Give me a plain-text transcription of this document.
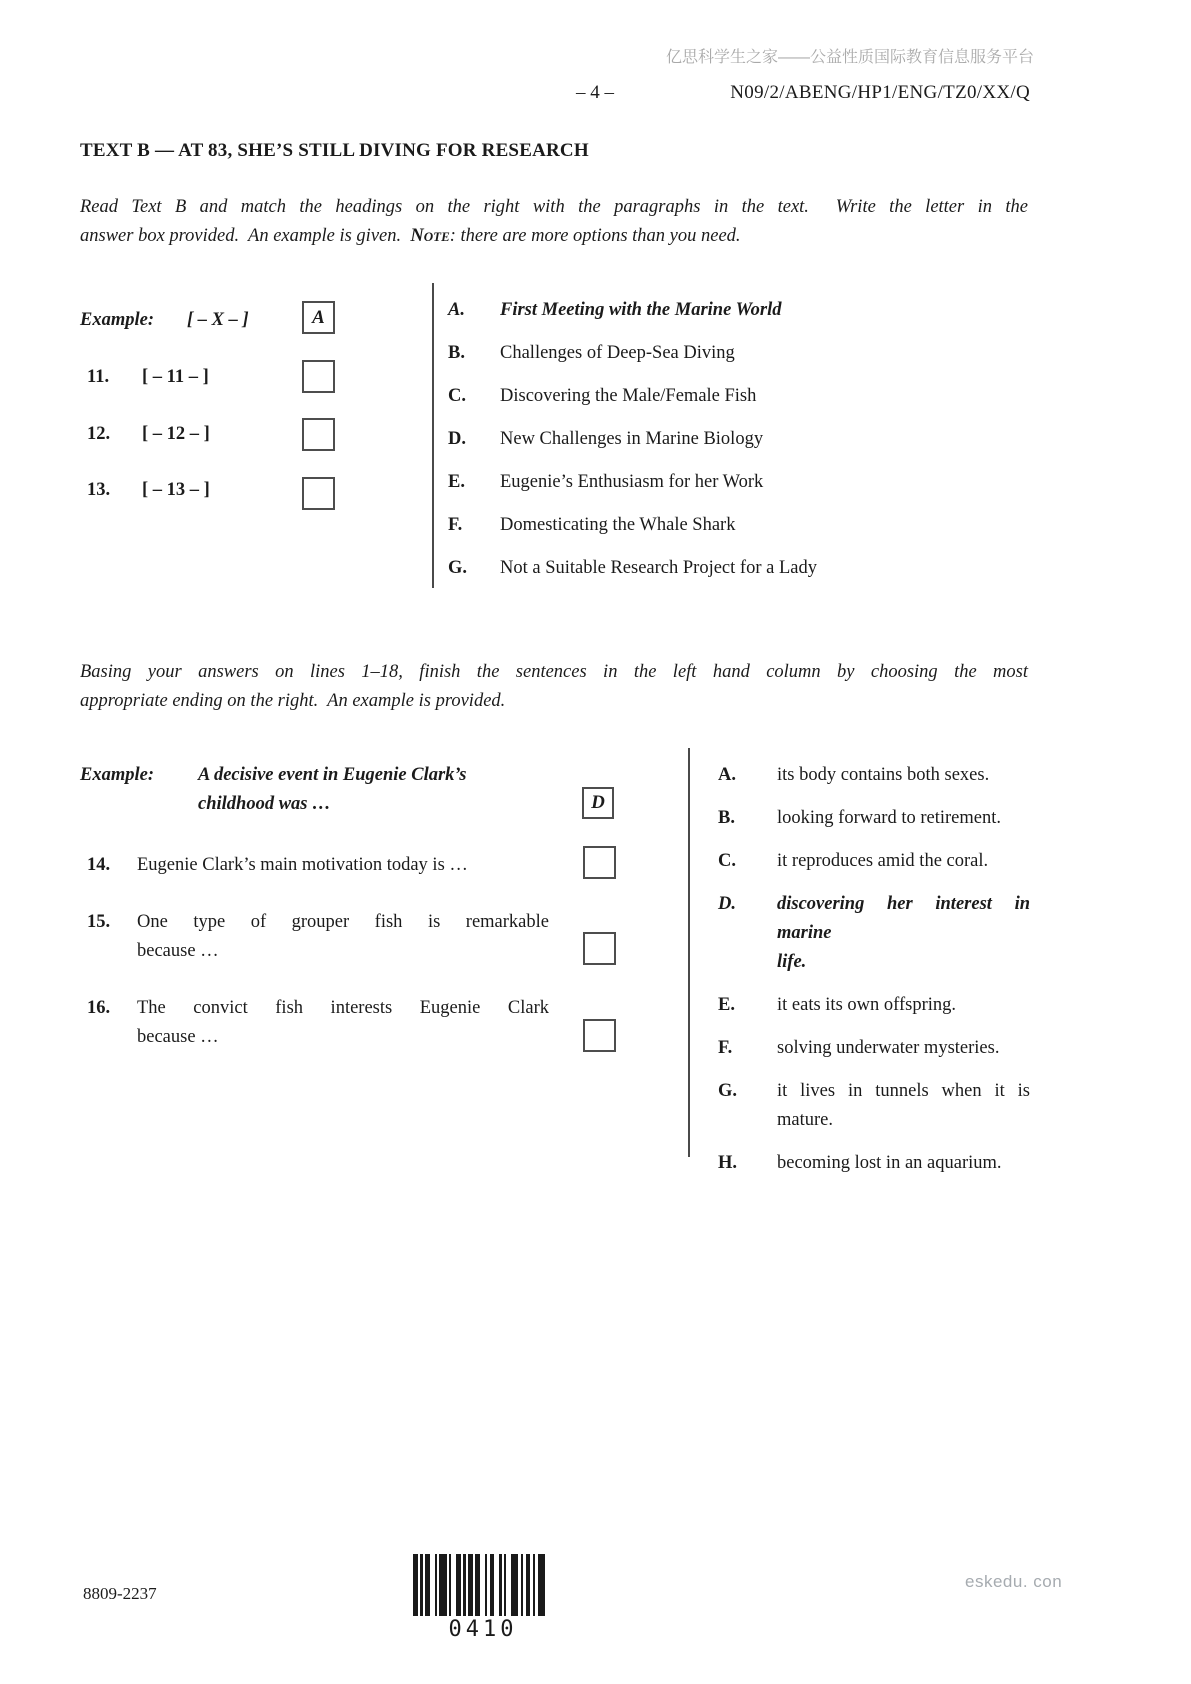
亿思科学生之家——公益性质国际教育信息服务平台
– 4 –	N09/2/ABENG/HP1/ENG/TZ0/XX/Q
TEXT B — AT 83, SHE’S STILL DIVING FOR RESEARCH
Read Text B and match the headings on the right with the paragraphs in the text.  Write the letter in the
answer box provided.  An example is given.  Note: there are more options than you need.
Example:	[ – X – ]	A
11.	[ – 11 – ]
12.	[ – 12 – ]
13.	[ – 13 – ]
A.	First Meeting with the Marine World
B.	Challenges of Deep-Sea Diving
C.	Discovering the Male/Female Fish
D.	New Challenges in Marine Biology
E.	Eugenie’s Enthusiasm for her Work
F.	Domesticating the Whale Shark
G.	Not a Suitable Research Project for a Lady
Basing your answers on lines 1–18, finish the sentences in the left hand column by choosing the most
appropriate ending on the right.  An example is provided.
Example: A decisive event in Eugenie Clark’s
childhood was …	D
14.	Eugenie Clark’s main motivation today is …
15.	One type of grouper fish is remarkable
because …
16.	The convict fish interests Eugenie Clark
because …
A.	its body contains both sexes.
B.	looking forward to retirement.
C.	it reproduces amid the coral.
D.	discovering her interest in marine
life.
E.	it eats its own offspring.
F.	solving underwater mysteries.
G.	it lives in tunnels when it is
mature.
H.	becoming lost in an aquarium.
8809-2237
0410
eskedu. con
